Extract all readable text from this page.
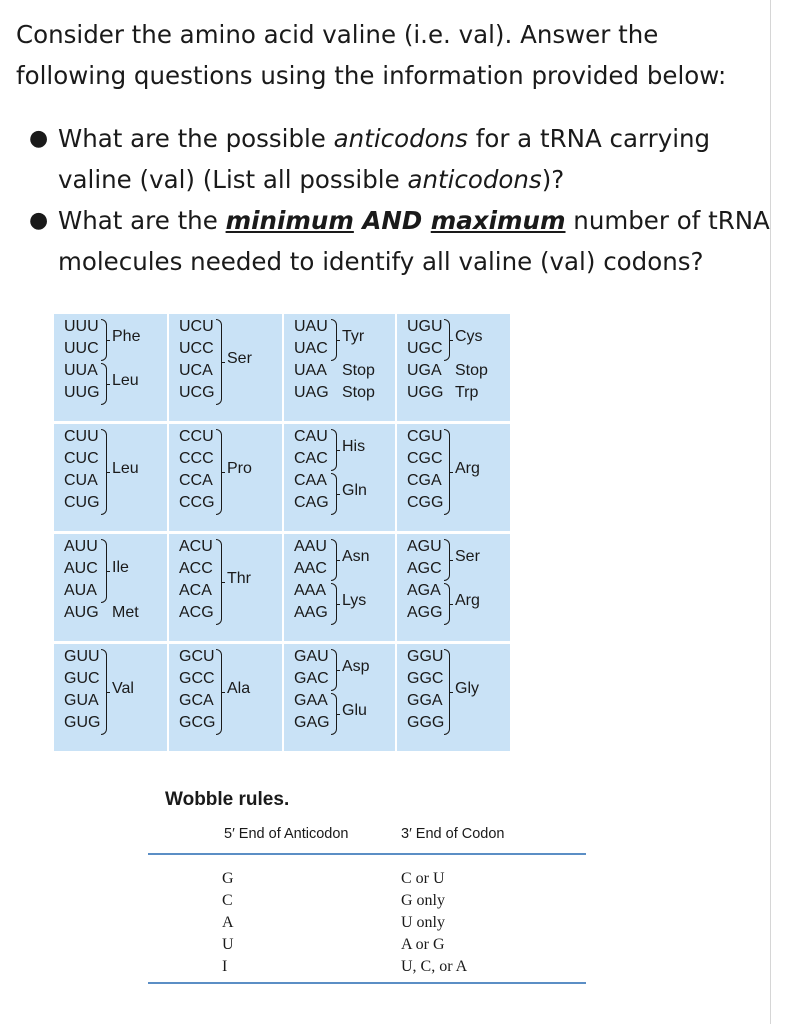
Consider the amino acid valine (i.e. val). Answer the following questions using the information provided below:
● What are the possible anticodons for a tRNA carrying valine (val) (List all possible anticodons)?
● What are the minimum AND maximum number of tRNA molecules needed to identify all valine (val) codons?
UUU
UUC
UUA
UUG
Phe
Leu
UCU
UCC
UCA
UCG
Ser
UAU
UAC
UAA
UAG
Tyr
Stop
Stop
UGU
UGC
UGA
UGG
Cys
Stop
Trp
CUU
CUC
CUA
CUG
Leu
CCU
CCC
CCA
CCG
Pro
CAU
CAC
CAA
CAG
His
Gln
CGU
CGC
CGA
CGG
Arg
AUU
AUC
AUA
AUG
Ile
Met
ACU
ACC
ACA
ACG
Thr
AAU
AAC
AAA
AAG
Asn
Lys
AGU
AGC
AGA
AGG
Ser
Arg
GUU
GUC
GUA
GUG
Val
GCU
GCC
GCA
GCG
Ala
GAU
GAC
GAA
GAG
Asp
Glu
GGU
GGC
GGA
GGG
Gly
Wobble rules.
5′ End of Anticodon	3′ End of Codon
G
C
A
U
I
C or U
G only
U only
A or G
U, C, or A
